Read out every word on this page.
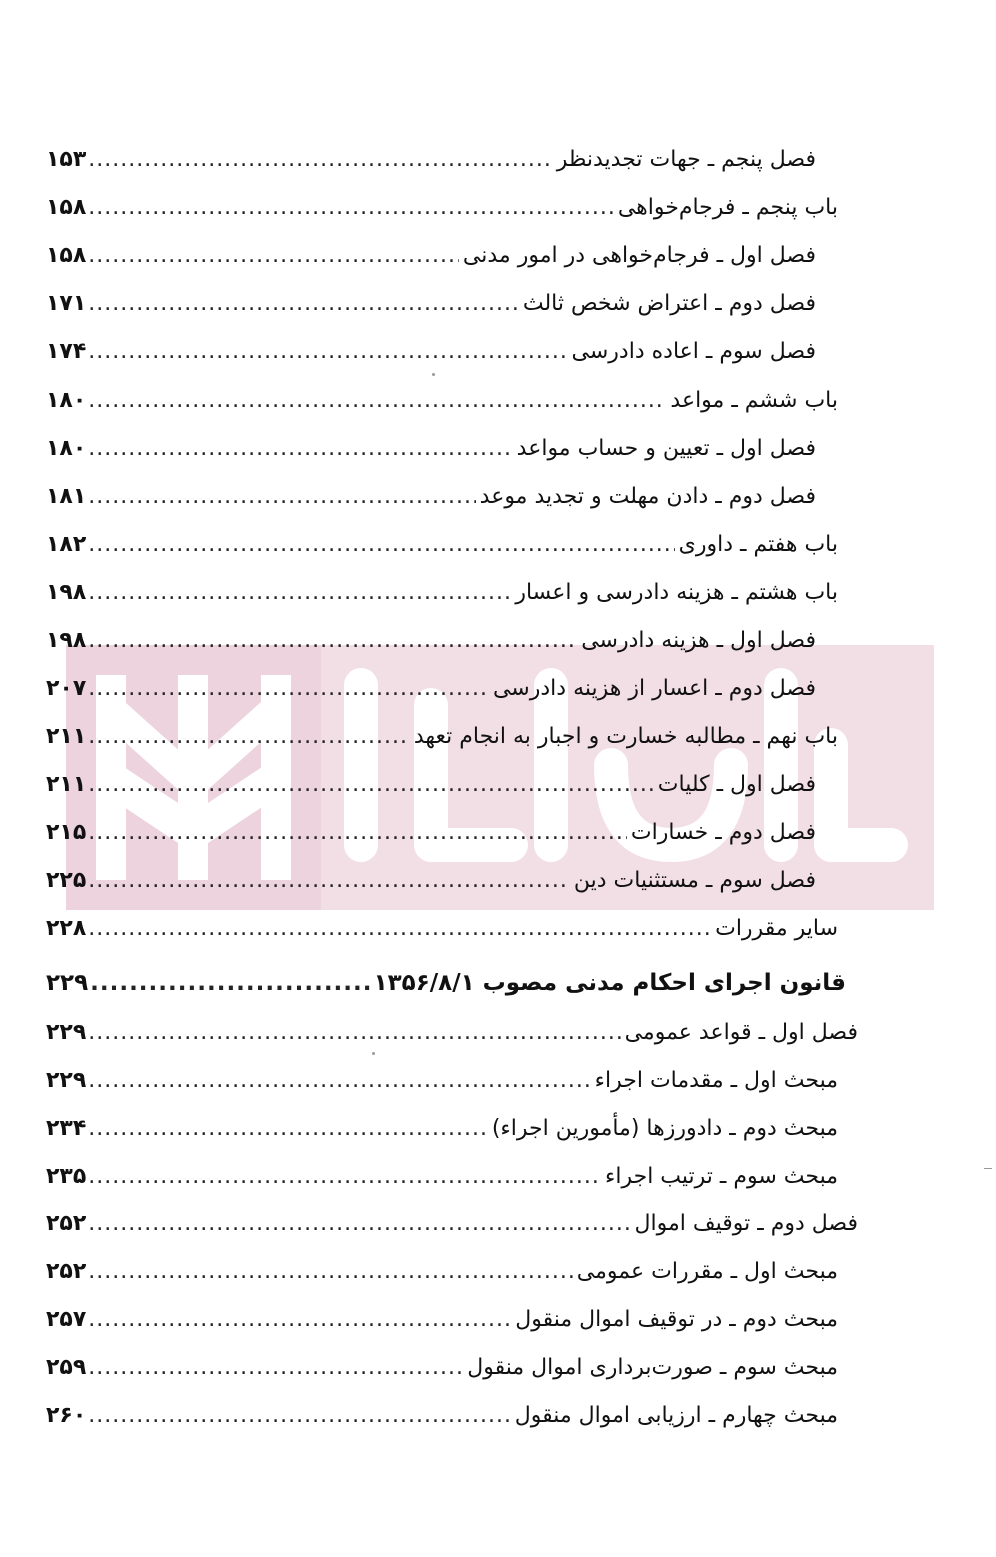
فصل پنجم ـ جهات تجدیدنظر
.....
۱۵۳
باب پنجم ـ فرجام‌خواهی
.....
۱۵۸
فصل اول ـ فرجام‌خواهی در امور مدنی
.....
۱۵۸
فصل دوم ـ اعتراض شخص ثالث
.....
۱۷۱
فصل سوم ـ اعاده دادرسی
.....
۱۷۴
باب ششم ـ مواعد
.....
۱۸۰
فصل اول ـ تعیین و حساب مواعد
.....
۱۸۰
فصل دوم ـ دادن مهلت و تجدید موعد
.....
۱۸۱
باب هفتم ـ داوری
.....
۱۸۲
باب هشتم ـ هزینه دادرسی و اعسار
.....
۱۹۸
فصل اول ـ هزینه دادرسی
.....
۱۹۸
فصل دوم ـ اعسار از هزینه دادرسی
.....
۲۰۷
باب نهم ـ مطالبه خسارت و اجبار به انجام تعهد
.....
۲۱۱
فصل اول ـ کلیات
.....
۲۱۱
فصل دوم ـ خسارات
.....
۲۱۵
فصل سوم ـ مستثنیات دین
.....
۲۲۵
سایر مقررات
.....
۲۲۸
قانون اجرای احکام مدنی مصوب ۱۳۵۶/۸/۱
.....
۲۲۹
فصل اول ـ قواعد عمومی
.....
۲۲۹
مبحث اول ـ مقدمات اجراء
.....
۲۲۹
مبحث دوم ـ دادورزها (مأمورین اجراء)
.....
۲۳۴
مبحث سوم ـ ترتیب اجراء
.....
۲۳۵
فصل دوم ـ توقیف اموال
.....
۲۵۲
مبحث اول ـ مقررات عمومی
.....
۲۵۲
مبحث دوم ـ در توقیف اموال منقول
.....
۲۵۷
مبحث سوم ـ صورت‌برداری اموال منقول
.....
۲۵۹
مبحث چهارم ـ ارزیابی اموال منقول
.....
۲۶۰
